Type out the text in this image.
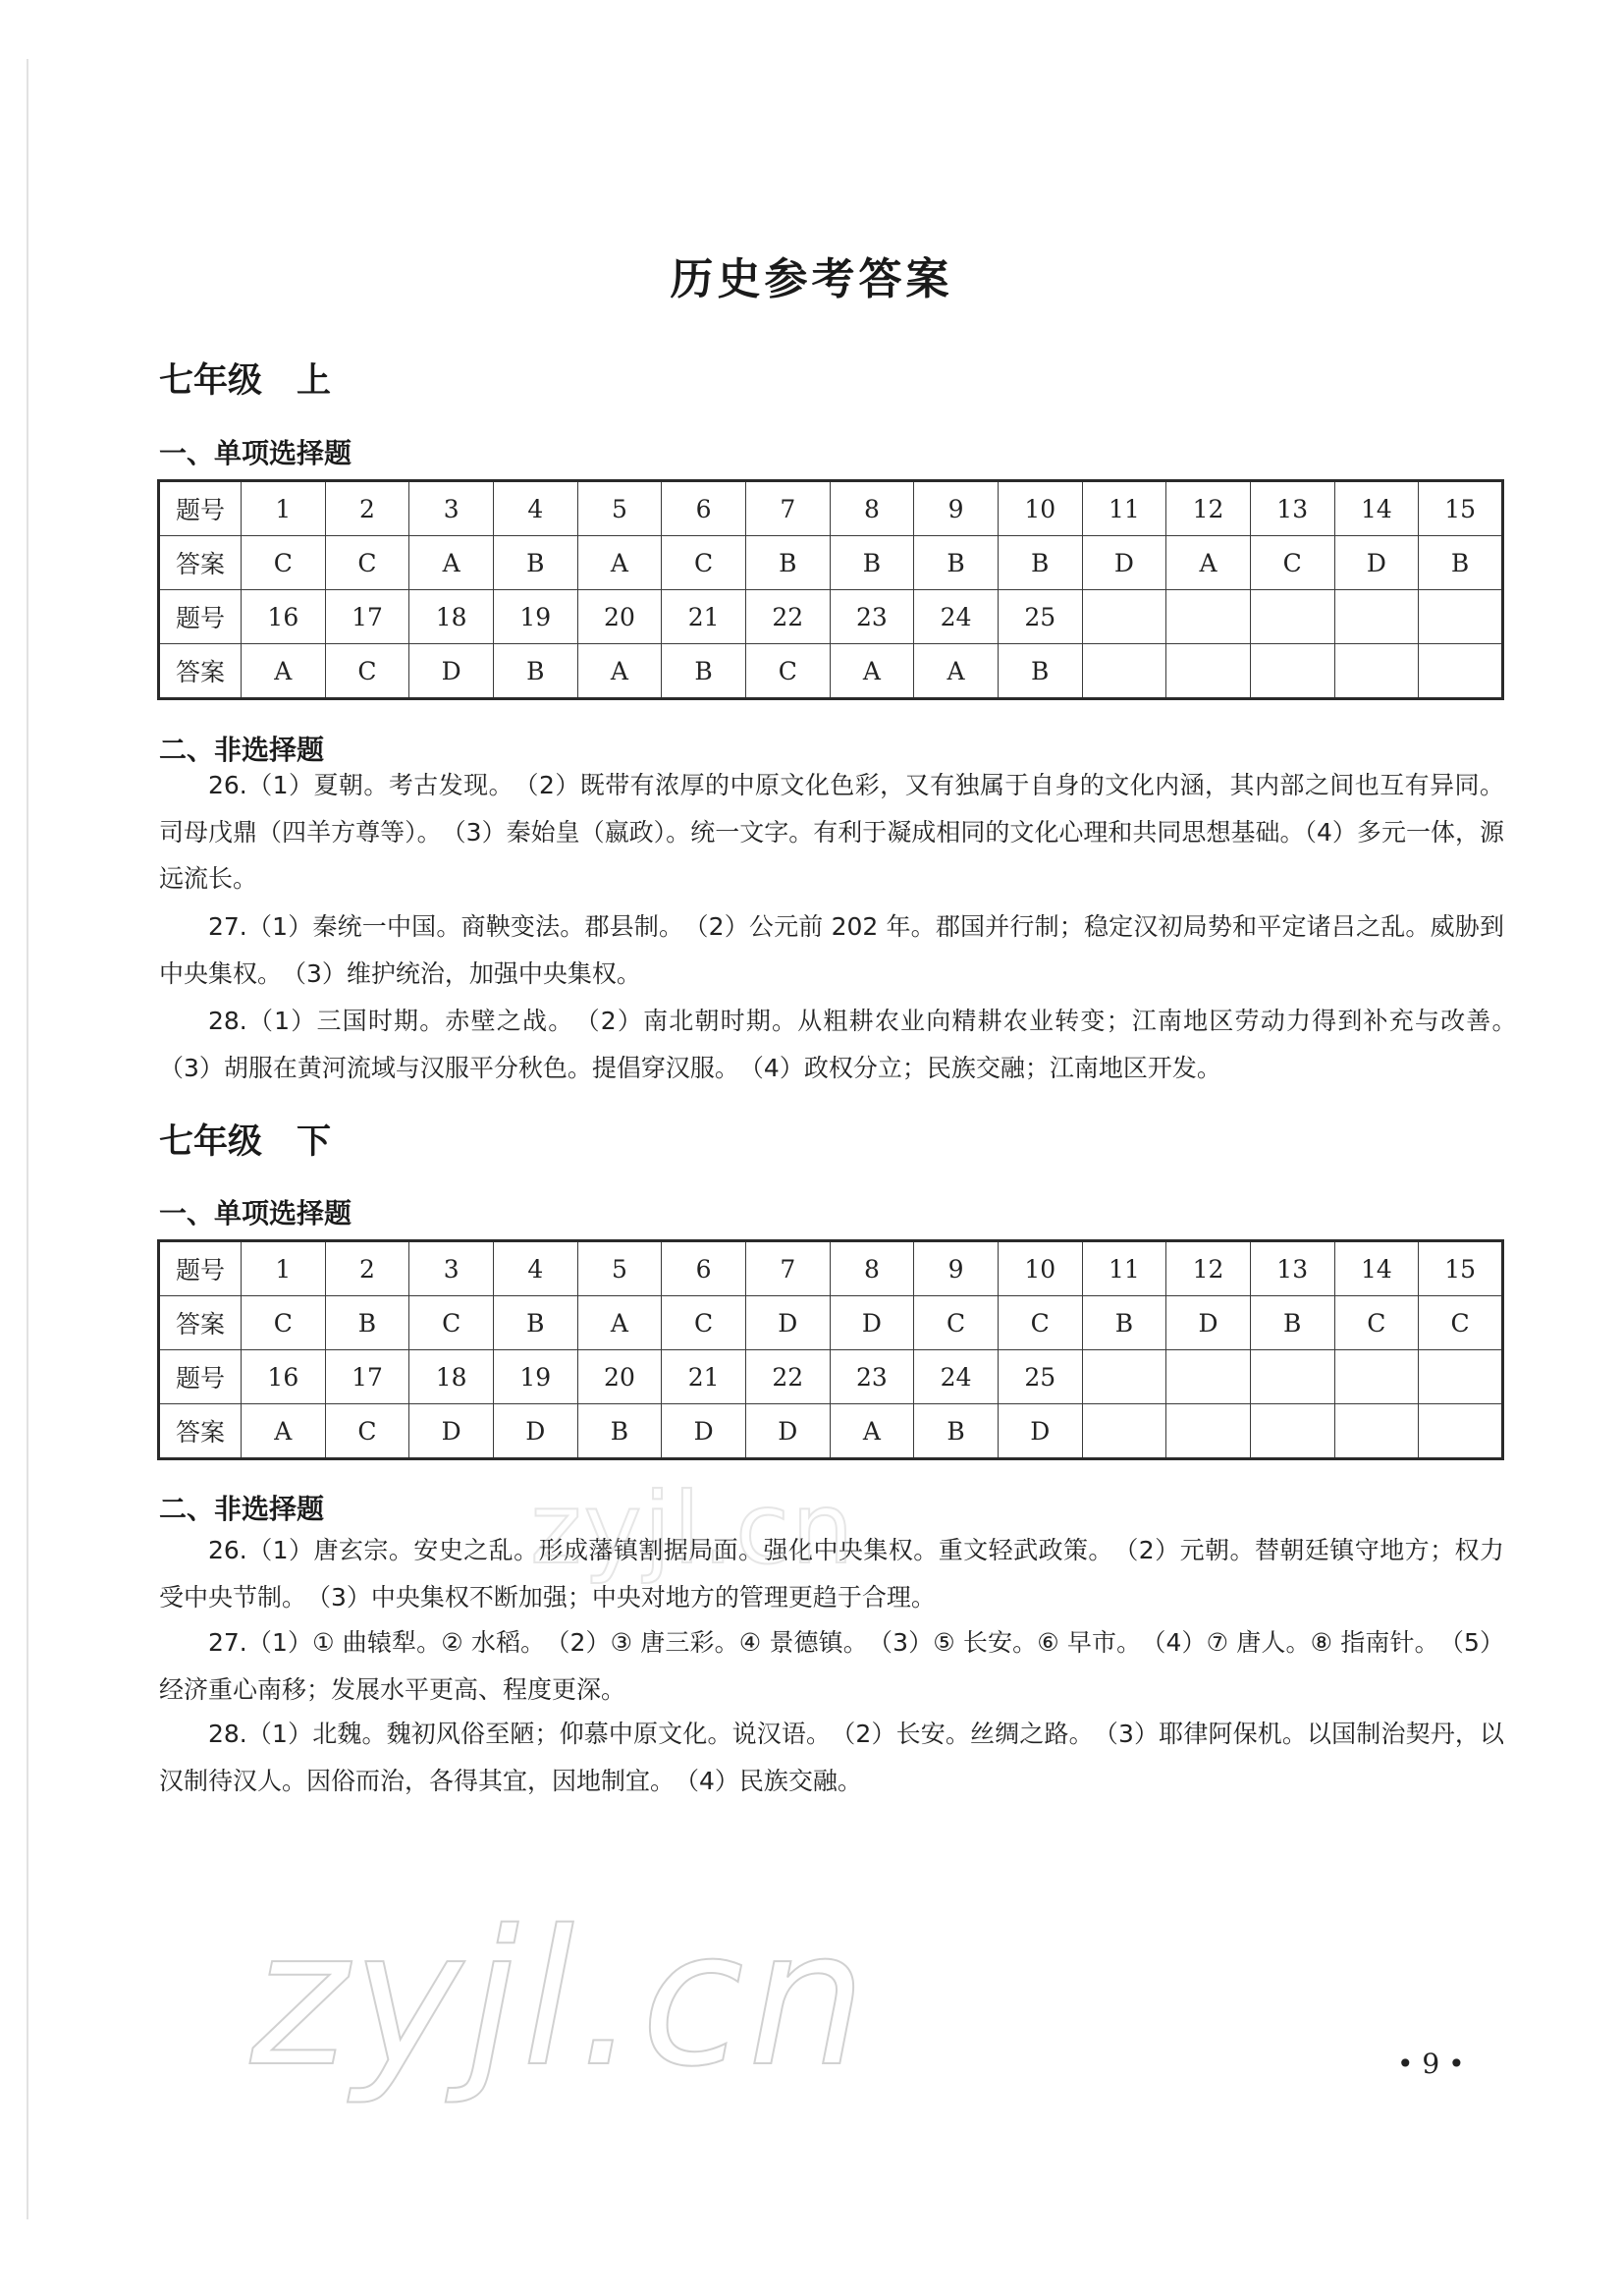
历史参考答案
七年级　上
一、单项选择题
题号	1	2	3	4	5	6	7	8	9	10	11	12	13	14	15
答案	C	C	A	B	A	C	B	B	B	B	D	A	C	D	B
题号	16	17	18	19	20	21	22	23	24	25					
答案	A	C	D	B	A	B	C	A	A	B					
二、非选择题
26.（1）夏朝。考古发现。　（2）既带有浓厚的中原文化色彩，又有独属于自身的文化内涵，其内部之间也互有异同。司母戊鼎（四羊方尊等）。　（3）秦始皇（嬴政）。统一文字。有利于凝成相同的文化心理和共同思想基础。（4）多元一体，源远流长。
27.（1）秦统一中国。商鞅变法。郡县制。　（2）公元前 202 年。郡国并行制；稳定汉初局势和平定诸吕之乱。威胁到中央集权。　（3）维护统治，加强中央集权。
28.（1）三国时期。赤壁之战。　（2）南北朝时期。从粗耕农业向精耕农业转变；江南地区劳动力得到补充与改善。　（3）胡服在黄河流域与汉服平分秋色。提倡穿汉服。　（4）政权分立；民族交融；江南地区开发。
七年级　下
一、单项选择题
题号	1	2	3	4	5	6	7	8	9	10	11	12	13	14	15
答案	C	B	C	B	A	C	D	D	C	C	B	D	B	C	C
题号	16	17	18	19	20	21	22	23	24	25					
答案	A	C	D	D	B	D	D	A	B	D					
二、非选择题
26.（1）唐玄宗。安史之乱。形成藩镇割据局面。强化中央集权。重文轻武政策。　（2）元朝。替朝廷镇守地方；权力受中央节制。　（3）中央集权不断加强；中央对地方的管理更趋于合理。
27.（1）① 曲辕犁。② 水稻。　（2）③ 唐三彩。④ 景德镇。　（3）⑤ 长安。⑥ 早市。　（4）⑦ 唐人。⑧ 指南针。　（5）经济重心南移；发展水平更高、程度更深。
28.（1）北魏。魏初风俗至陋；仰慕中原文化。说汉语。　（2）长安。丝绸之路。　（3）耶律阿保机。以国制治契丹，以汉制待汉人。因俗而治，各得其宜，因地制宜。　（4）民族交融。
zyjl.cn
zyjl.cn	• 9 •
